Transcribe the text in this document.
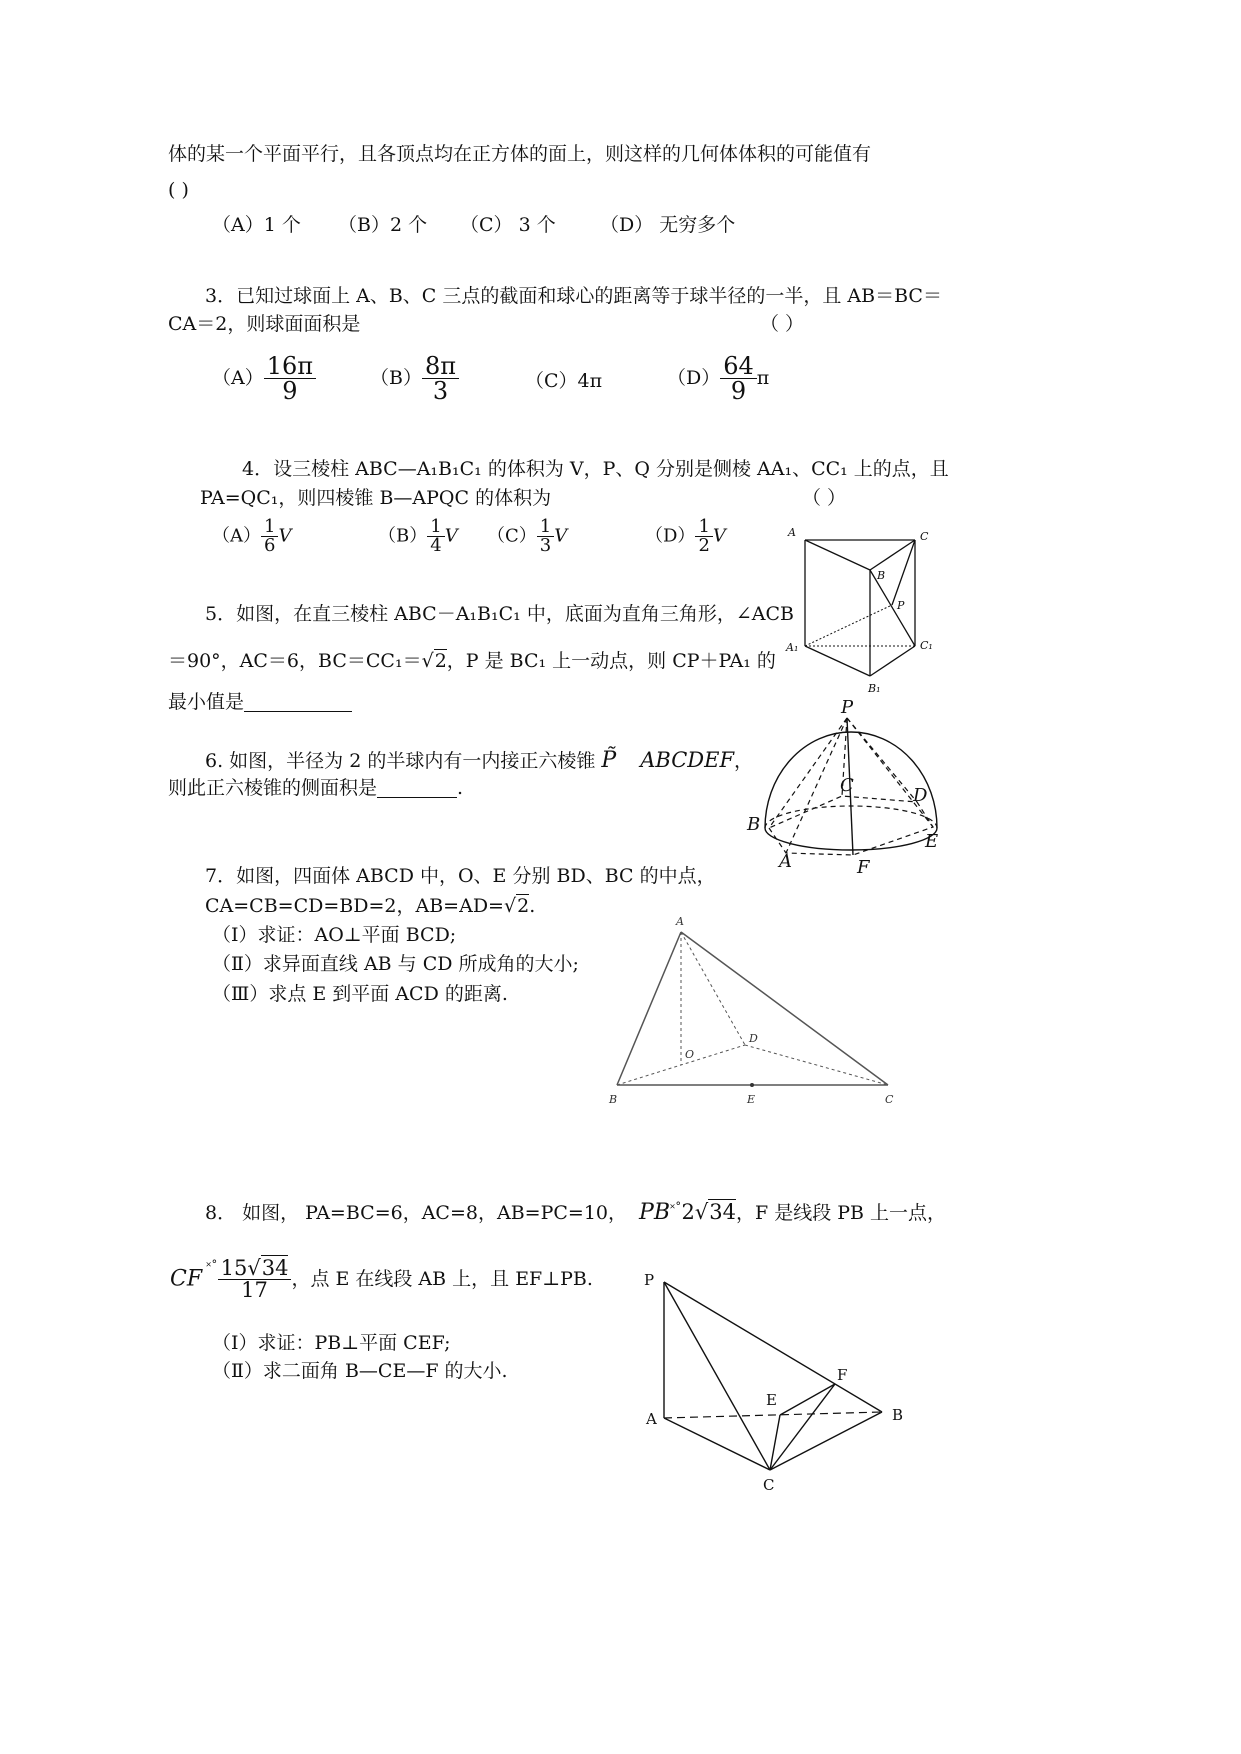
体的某一个平面平行，且各顶点均在正方体的面上，则这样的几何体体积的可能值有
( )
（A）1 个 （B）2 个 （C） 3 个 （D） 无穷多个
3．已知过球面上 A、B、C 三点的截面和球心的距离等于球半径的一半，且 AB＝BC＝
CA＝2，则球面面积是	（ ）
$(A) \frac{16\pi}{9}$	$(B) \frac{8\pi}{3}$	（C）4π	$(D) \frac{64}{9}$ π
4．设三棱柱 ABC—A₁B₁C₁ 的体积为 V，P、Q 分别是侧棱 AA₁、CC₁ 上的点，且
PA=QC₁，则四棱锥 B—APQC 的体积为	（ ）
$(A) \frac{1}{6}$ V	$(B) \frac{1}{4}$ V $(C) \frac{1}{3}$ V	$(D) \frac{1}{2}$ V	A	C
B
P
A₁	C₁
B₁
5．如图，在直三棱柱 ABC－A₁B₁C₁ 中，底面为直角三角形，∠ACB
＝90°，AC＝6，BC＝CC₁＝√2，P 是 BC₁ 上一动点，则 CP＋PA₁ 的
最小值是
6. 如图，半径为 2 的半球内有一内接正六棱锥 P̃ ABCDEF，
则此正六棱锥的侧面积是	.
P
C	D
B
E
A	F
7．如图，四面体 ABCD 中，O、E 分别 BD、BC 的中点，
CA=CB=CD=BD=2，AB=AD=√2.
（Ⅰ）求证：AO⊥平面 BCD;
（Ⅱ）求异面直线 AB 与 CD 所成角的大小;
（Ⅲ）求点 E 到平面 ACD 的距离.
A
D
O
B	E	C
8． 如图， PA=BC=6，AC=8，AB=PC=10， PB˟˚2√34，F 是线段 PB 上一点，
CF $^{˟˚} \frac{15√34}{17}$ ，点 E 在线段 AB 上，且 EF⊥PB.
（Ⅰ）求证：PB⊥平面 CEF;
（Ⅱ）求二面角 B—CE—F 的大小.
P
F
E
A	B
C
